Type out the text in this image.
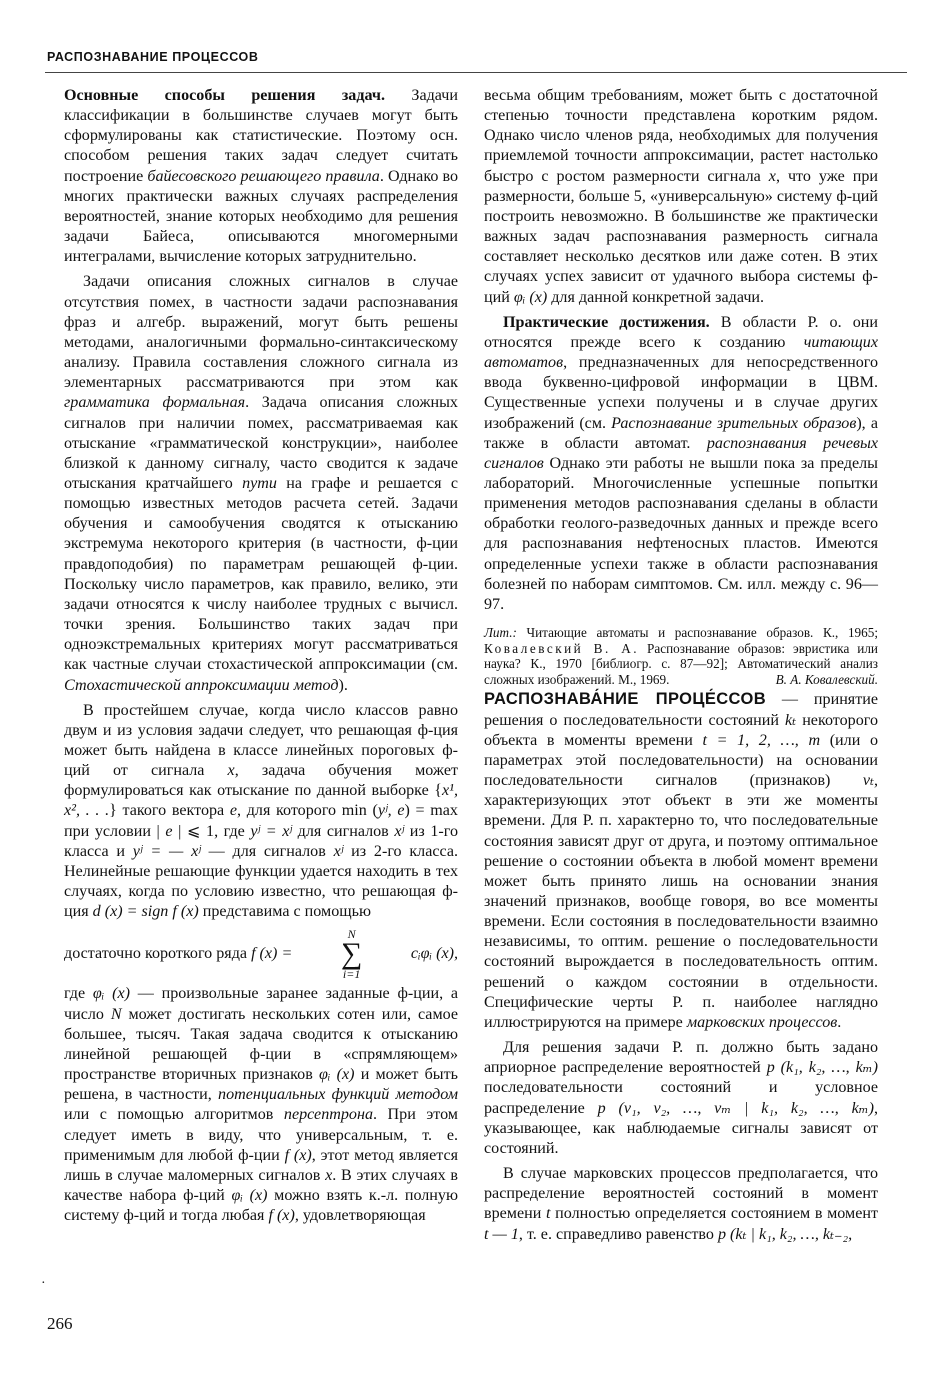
РАСПОЗНАВАНИЕ ПРОЦЕССОВ

Основные способы решения задач. Задачи классификации в большинстве случаев могут быть сформулированы как статистические. Поэтому осн. способом решения таких задач следует считать построение байесовского решающего правила. Однако во многих практически важных случаях распределения вероятностей, знание которых необходимо для решения задачи Байеса, описываются многомерными интегралами, вычисление которых затруднительно.

Задачи описания сложных сигналов в случае отсутствия помех, в частности задачи распознавания фраз и алгебр. выражений, могут быть решены методами, аналогичными формально-синтаксическому анализу. Правила составления сложного сигнала из элементарных рассматриваются при этом как грамматика формальная. Задача описания сложных сигналов при наличии помех, рассматриваемая как отыскание «грамматической конструкции», наиболее близкой к данному сигналу, часто сводится к задаче отыскания кратчайшего пути на графе и решается с помощью известных методов расчета сетей. Задачи обучения и самообучения сводятся к отысканию экстремума некоторого критерия (в частности, ф-ции правдоподобия) по параметрам решающей ф-ции. Поскольку число параметров, как правило, велико, эти задачи относятся к числу наиболее трудных с вычисл. точки зрения. Большинство таких задач при одноэкстремальных критериях могут рассматриваться как частные случаи стохастической аппроксимации (см. Стохастической аппроксимации метод).

В простейшем случае, когда число классов равно двум и из условия задачи следует, что решающая ф-ция может быть найдена в классе линейных пороговых ф-ций от сигнала x, задача обучения может формулироваться как отыскание по данной выборке {x¹, x², . . .} такого вектора e, для которого min (yʲ, e) = max при условии | e | ⩽ 1, где yʲ = xʲ для сигналов xʲ из 1-го класса и yʲ = — xʲ — для сигналов xʲ из 2-го класса. Нелинейные решающие функции удается находить в тех случаях, когда по условию известно, что решающая ф-ция d (x) = sign f (x) представима с помощью

достаточно короткого ряда f (x) =
N
∑
i=1
cᵢφᵢ (x),

где φᵢ (x) — произвольные заранее заданные ф-ции, а число N может достигать нескольких сотен или, самое большее, тысяч. Такая задача сводится к отысканию линейной решающей ф-ции в «спрямляющем» пространстве вторичных признаков φᵢ (x) и может быть решена, в частности, потенциальных функций методом или с помощью алгоритмов персептрона. При этом следует иметь в виду, что универсальным, т. е. применимым для любой ф-ции f (x), этот метод является лишь в случае маломерных сигналов x. В этих случаях в качестве набора ф-ций φᵢ (x) можно взять к.-л. полную систему ф-ций и тогда любая f (x), удовлетворяющая

весьма общим требованиям, может быть с достаточной степенью точности представлена коротким рядом. Однако число членов ряда, необходимых для получения приемлемой точности аппроксимации, растет настолько быстро с ростом размерности сигнала x, что уже при размерности, больше 5, «универсальную» систему ф-ций построить невозможно. В большинстве же практически важных задач распознавания размерность сигнала составляет несколько десятков или даже сотен. В этих случаях успех зависит от удачного выбора системы ф-ций φᵢ (x) для данной конкретной задачи.

Практические достижения. В области Р. о. они относятся прежде всего к созданию читающих автоматов, предназначенных для непосредственного ввода буквенно-цифровой информации в ЦВМ. Существенные успехи получены и в случае других изображений (см. Распознавание зрительных образов), а также в области автомат. распознавания речевых сигналов Однако эти работы не вышли пока за пределы лабораторий. Многочисленные успешные попытки применения методов распознавания сделаны в области обработки геолого-разведочных данных и прежде всего для распознавания нефтеносных пластов. Имеются определенные успехи также в области распознавания болезней по наборам симптомов. См. илл. между с. 96—97.

Лит.: Читающие автоматы и распознавание образов. К., 1965; Ковалевский В. А. Распознавание образов: эвристика или наука? К., 1970 [библиогр. с. 87—92]; Автоматический анализ сложных изображений. М., 1969.	В. А. Ковалевский.

РАСПОЗНАВА́НИЕ ПРОЦЕ́ССОВ — принятие решения о последовательности состояний kₜ некоторого объекта в моменты времени t = 1, 2, …, m (или о параметрах этой последовательности) на основании последовательности сигналов (признаков) vₜ, характеризующих этот объект в эти же моменты времени. Для Р. п. характерно то, что последовательные состояния зависят друг от друга, и поэтому оптимальное решение о состоянии объекта в любой момент времени может быть принято лишь на основании знания значений признаков, вообще говоря, во все моменты времени. Если состояния в последовательности взаимно независимы, то оптим. решение о последовательности состояний вырождается в последовательность оптим. решений о каждом состоянии в отдельности. Специфические черты Р. п. наиболее наглядно иллюстрируются на примере марковских процессов.

Для решения задачи Р. п. должно быть задано априорное распределение вероятностей p (k₁, k₂, …, kₘ) последовательности состояний и условное распределение p (v₁, v₂, …, vₘ | k₁, k₂, …, kₘ), указывающее, как наблюдаемые сигналы зависят от состояний.

В случае марковских процессов предполагается, что распределение вероятностей состояний в момент времени t полностью определяется состоянием в момент t — 1, т. е. справедливо равенство p (kₜ | k₁, k₂, …, kₜ₋₂,

·
266
